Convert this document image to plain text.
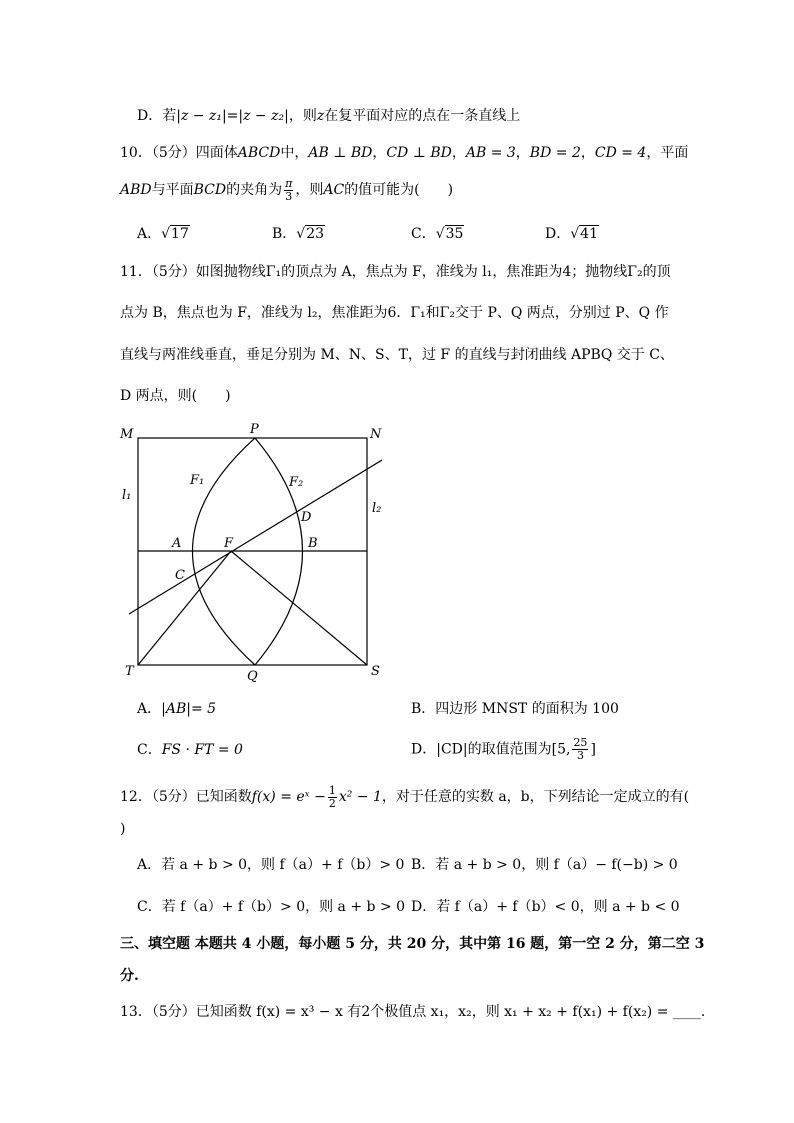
D．若|z − z₁|=|z − z₂|，则z在复平面对应的点在一条直线上
10．（5分）四面体ABCD中，AB ⊥ BD，CD ⊥ BD，AB = 3，BD = 2，CD = 4，平面
ABD与平面BCD的夹角为 $\frac{\pi}{3}$ ，则AC的值可能为(　　)
A．√17	B．√23	C．√35	D．√41
11．（5分）如图抛物线Γ₁的顶点为 A，焦点为 F，准线为 l₁，焦准距为4；抛物线Γ₂的顶
点为 B，焦点也为 F，准线为 l₂，焦准距为6．Γ₁和Γ₂交于 P、Q 两点，分别过 P、Q 作
直线与两准线垂直，垂足分别为 M、N、S、T，过 F 的直线与封闭曲线 APBQ 交于 C、
D 两点，则(　　)
M	N
P
T	S
Q
A	B
F
C
D
F₁	F₂
l₁
l₂
A．|AB|= 5	B．四边形 MNST 的面积为 100
C．FS · FT = 0	D．|CD|的取值范围为[5, $\frac{25}{3}$ ]
12．（5分）已知函数f(x) = eˣ − $\frac{1}{2} x^2 - 1$，对于任意的实数 a，b，下列结论一定成立的有(
)
A．若 a + b > 0，则 f（a）+ f（b）> 0 B．若 a + b > 0，则 f（a）− f(−b) > 0
C．若 f（a）+ f（b）> 0，则 a + b > 0 D．若 f（a）+ f（b）< 0，则 a + b < 0
三、填空题 本题共 4 小题，每小题 5 分，共 20 分，其中第 16 题，第一空 2 分，第二空 3
分.
13．（5分）已知函数 f(x) = x³ − x 有2个极值点 x₁，x₂，则 x₁ + x₂ + f(x₁) + f(x₂) = ____.
